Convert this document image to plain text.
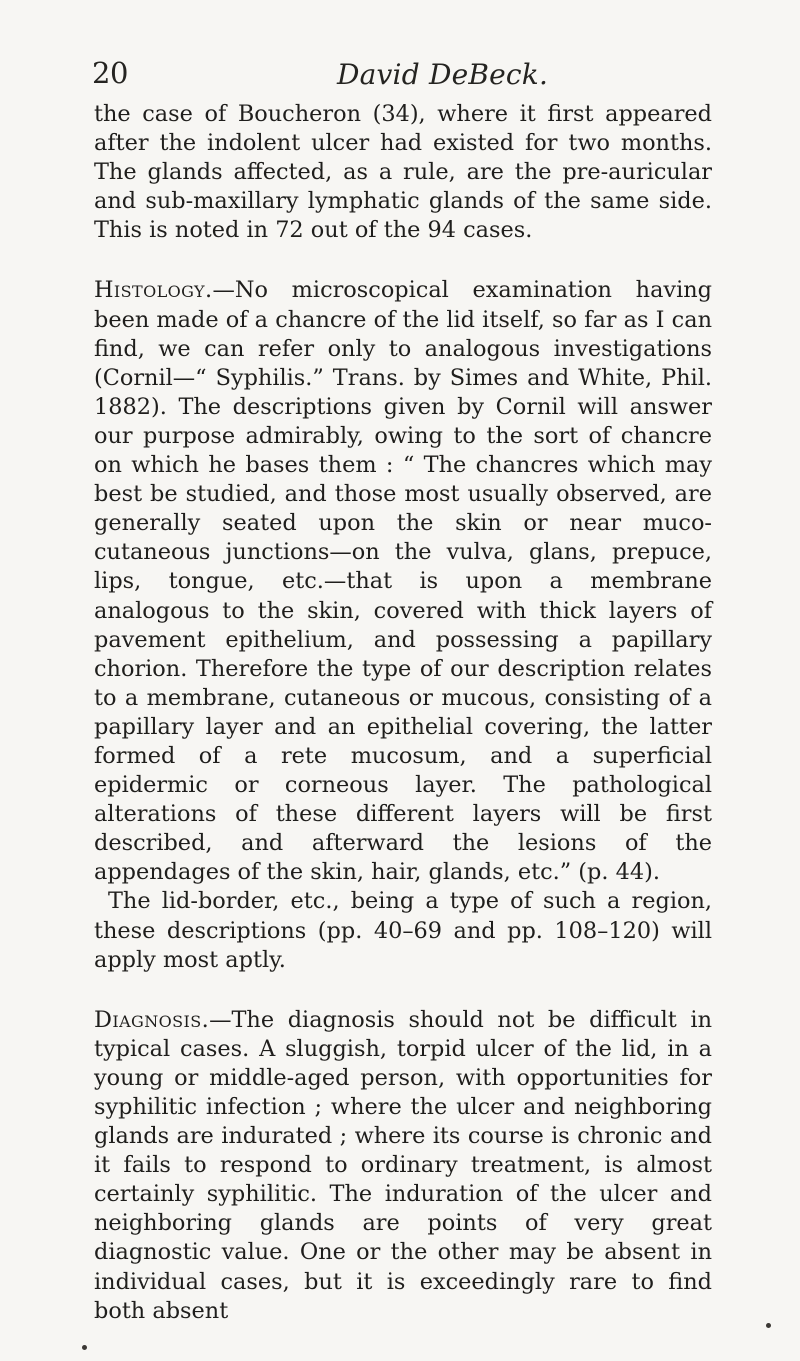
20	David DeBeck.

the case of Boucheron (34), where it first appeared after the indolent ulcer had existed for two months. The glands affected, as a rule, are the pre-auricular and sub-maxillary lymphatic glands of the same side. This is noted in 72 out of the 94 cases.

Histology.—No microscopical examination having been made of a chancre of the lid itself, so far as I can find, we can refer only to analogous investigations (Cornil—“ Syphilis.” Trans. by Simes and White, Phil. 1882). The descriptions given by Cornil will answer our purpose admirably, owing to the sort of chancre on which he bases them : “ The chancres which may best be studied, and those most usually observed, are generally seated upon the skin or near muco-cutaneous junctions—on the vulva, glans, prepuce, lips, tongue, etc.—that is upon a membrane analogous to the skin, covered with thick layers of pavement epithelium, and possessing a papillary chorion. Therefore the type of our description relates to a membrane, cutaneous or mucous, consisting of a papillary layer and an epithelial covering, the latter formed of a rete mucosum, and a superficial epidermic or corneous layer. The pathological alterations of these different layers will be first described, and afterward the lesions of the appendages of the skin, hair, glands, etc.” (p. 44).

The lid-border, etc., being a type of such a region, these descriptions (pp. 40–69 and pp. 108–120) will apply most aptly.

Diagnosis.—The diagnosis should not be difficult in typical cases. A sluggish, torpid ulcer of the lid, in a young or middle-aged person, with opportunities for syphilitic infection ; where the ulcer and neighboring glands are indurated ; where its course is chronic and it fails to respond to ordinary treatment, is almost certainly syphilitic. The induration of the ulcer and neighboring glands are points of very great diagnostic value. One or the other may be absent in individual cases, but it is exceedingly rare to find both absent
